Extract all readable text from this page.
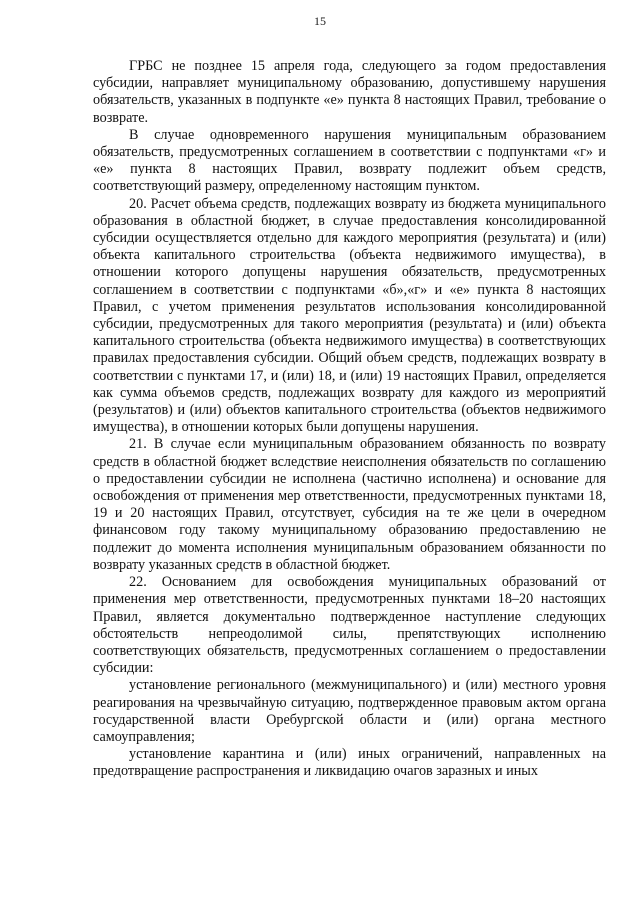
15

ГРБС не позднее 15 апреля года, следующего за годом предоставления субсидии, направляет муниципальному образованию, допустившему нарушения обязательств, указанных в подпункте «е» пункта 8 настоящих Правил, требование о возврате.

В случае одновременного нарушения муниципальным образованием обязательств, предусмотренных соглашением в соответствии с подпунктами «г» и «е» пункта 8 настоящих Правил, возврату подлежит объем средств, соответствующий размеру, определенному настоящим пунктом.

20. Расчет объема средств, подлежащих возврату из бюджета муниципального образования в областной бюджет, в случае предоставления консолидированной субсидии осуществляется отдельно для каждого мероприятия (результата) и (или) объекта капитального строительства (объекта недвижимого имущества), в отношении которого допущены нарушения обязательств, предусмотренных соглашением в соответствии с подпунктами «б»,«г» и «е» пункта 8 настоящих Правил, с учетом применения результатов использования консолидированной субсидии, предусмотренных для такого мероприятия (результата) и (или) объекта капитального строительства (объекта недвижимого имущества) в соответствующих правилах предоставления субсидии. Общий объем средств, подлежащих возврату в соответствии с пунктами 17, и (или) 18, и (или) 19 настоящих Правил, определяется как сумма объемов средств, подлежащих возврату для каждого из мероприятий (результатов) и (или) объектов капитального строительства (объектов недвижимого имущества), в отношении которых были допущены нарушения.

21. В случае если муниципальным образованием обязанность по возврату средств в областной бюджет вследствие неисполнения обязательств по соглашению о предоставлении субсидии не исполнена (частично исполнена) и основание для освобождения от применения мер ответственности, предусмотренных пунктами 18, 19 и 20 настоящих Правил, отсутствует, субсидия на те же цели в очередном финансовом году такому муниципальному образованию предоставлению не подлежит до момента исполнения муниципальным образованием обязанности по возврату указанных средств в областной бюджет.

22. Основанием для освобождения муниципальных образований от применения мер ответственности, предусмотренных пунктами 18–20 настоящих Правил, является документально подтвержденное наступление следующих обстоятельств непреодолимой силы, препятствующих исполнению соответствующих обязательств, предусмотренных соглашением о предоставлении субсидии:

установление регионального (межмуниципального) и (или) местного уровня реагирования на чрезвычайную ситуацию, подтвержденное правовым актом органа государственной власти Оребургской области и (или) органа местного самоуправления;

установление карантина и (или) иных ограничений, направленных на предотвращение распространения и ликвидацию очагов заразных и иных
